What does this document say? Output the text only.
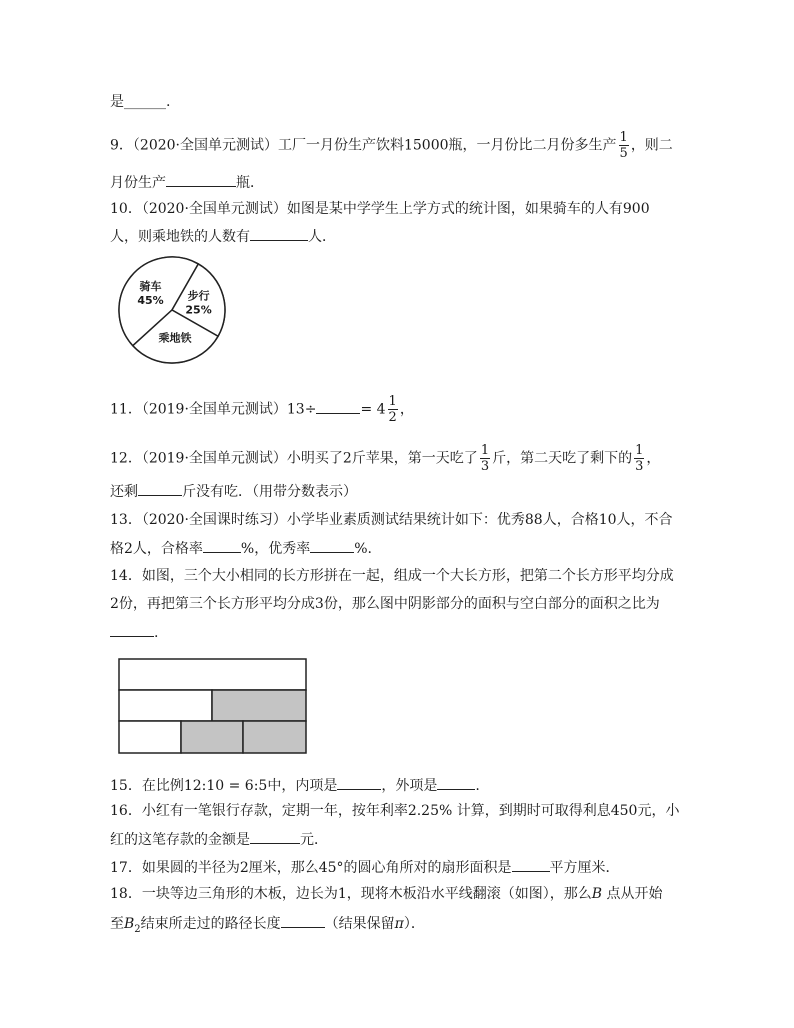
是______.
9．（2020·全国单元测试）工厂一月份生产饮料15000瓶，一月份比二月份多生产 $\frac{1}{5}$ ，则二
月份生产	瓶．
10．（2020·全国单元测试）如图是某中学学生上学方式的统计图，如果骑车的人有900
人，则乘地铁的人数有	人．
骑车
45% 步行
25%
乘地铁
11．（2019·全国单元测试）13÷	= $4 \frac{1}{2}$ ，
12．（2019·全国单元测试）小明买了2斤苹果，第一天吃了 $\frac{1}{3}$ 斤，第二天吃了剩下的 $\frac{1}{3}$ ，
还剩	斤没有吃．（用带分数表示）
13．（2020·全国课时练习）小学毕业素质测试结果统计如下：优秀88人，合格10人，不合
格2人，合格率	%，优秀率	%.
14．如图，三个大小相同的长方形拼在一起，组成一个大长方形，把第二个长方形平均分成
2份，再把第三个长方形平均分成3份，那么图中阴影部分的面积与空白部分的面积之比为
.
15．在比例12:10 = 6:5中，内项是	，外项是	.
16．小红有一笔银行存款，定期一年，按年利率2.25% 计算，到期时可取得利息450元，小
红的这笔存款的金额是	元．
17．如果圆的半径为2厘米，那么45°的圆心角所对的扇形面积是	平方厘米．
18．一块等边三角形的木板，边长为1，现将木板沿水平线翻滚（如图），那么B 点从开始
至$B_2$结束所走过的路径长度	（结果保留π）．
